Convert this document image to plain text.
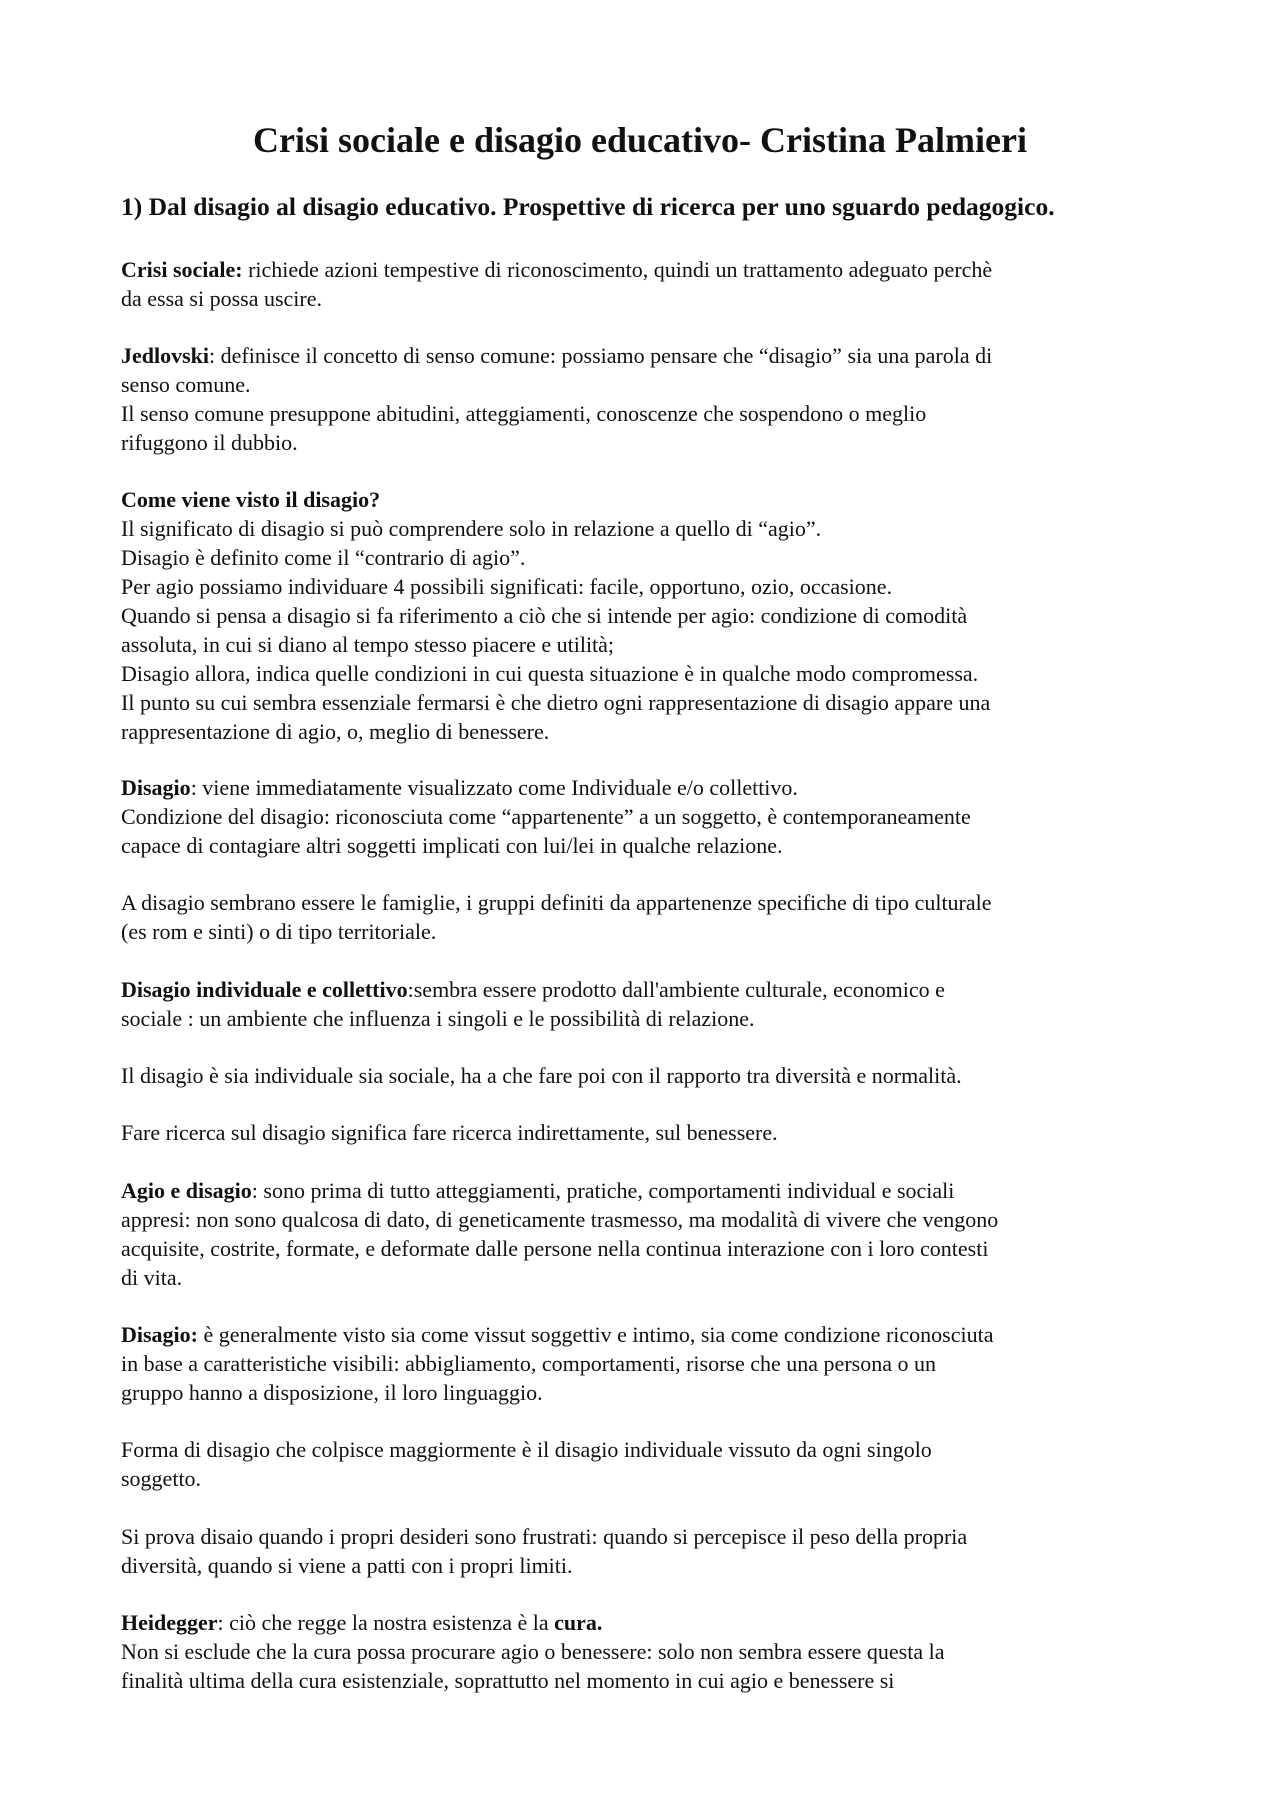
Crisi sociale e disagio educativo- Cristina Palmieri
1) Dal disagio al disagio educativo. Prospettive di ricerca per uno sguardo pedagogico.
Crisi sociale: richiede azioni tempestive di riconoscimento, quindi un trattamento adeguato perchè
da essa si possa uscire.
Jedlovski: definisce il concetto di senso comune: possiamo pensare che “disagio” sia una parola di
senso comune.
Il senso comune presuppone abitudini, atteggiamenti, conoscenze che sospendono o meglio
rifuggono il dubbio.
Come viene visto il disagio?
Il significato di disagio si può comprendere solo in relazione a quello di “agio”.
Disagio è definito come il “contrario di agio”.
Per agio possiamo individuare 4 possibili significati: facile, opportuno, ozio, occasione.
Quando si pensa a disagio si fa riferimento a ciò che si intende per agio: condizione di comodità
assoluta, in cui si diano al tempo stesso piacere e utilità;
Disagio allora, indica quelle condizioni in cui questa situazione è in qualche modo compromessa.
Il punto su cui sembra essenziale fermarsi è che dietro ogni rappresentazione di disagio appare una
rappresentazione di agio, o, meglio di benessere.
Disagio: viene immediatamente visualizzato come Individuale e/o collettivo.
Condizione del disagio: riconosciuta come “appartenente” a un soggetto, è contemporaneamente
capace di contagiare altri soggetti implicati con lui/lei in qualche relazione.
A disagio sembrano essere le famiglie, i gruppi definiti da appartenenze specifiche di tipo culturale
(es rom e sinti) o di tipo territoriale.
Disagio individuale e collettivo:sembra essere prodotto dall'ambiente culturale, economico e
sociale : un ambiente che influenza i singoli e le possibilità di relazione.
Il disagio è sia individuale sia sociale, ha a che fare poi con il rapporto tra diversità e normalità.
Fare ricerca sul disagio significa fare ricerca indirettamente, sul benessere.
Agio e disagio: sono prima di tutto atteggiamenti, pratiche, comportamenti individual e sociali
appresi: non sono qualcosa di dato, di geneticamente trasmesso, ma modalità di vivere che vengono
acquisite, costrite, formate, e deformate dalle persone nella continua interazione con i loro contesti
di vita.
Disagio: è generalmente visto sia come vissut soggettiv e intimo, sia come condizione riconosciuta
in base a caratteristiche visibili: abbigliamento, comportamenti, risorse che una persona o un
gruppo hanno a disposizione, il loro linguaggio.
Forma di disagio che colpisce maggiormente è il disagio individuale vissuto da ogni singolo
soggetto.
Si prova disaio quando i propri desideri sono frustrati: quando si percepisce il peso della propria
diversità, quando si viene a patti con i propri limiti.
Heidegger: ciò che regge la nostra esistenza è la cura.
Non si esclude che la cura possa procurare agio o benessere: solo non sembra essere questa la
finalità ultima della cura esistenziale, soprattutto nel momento in cui agio e benessere si
